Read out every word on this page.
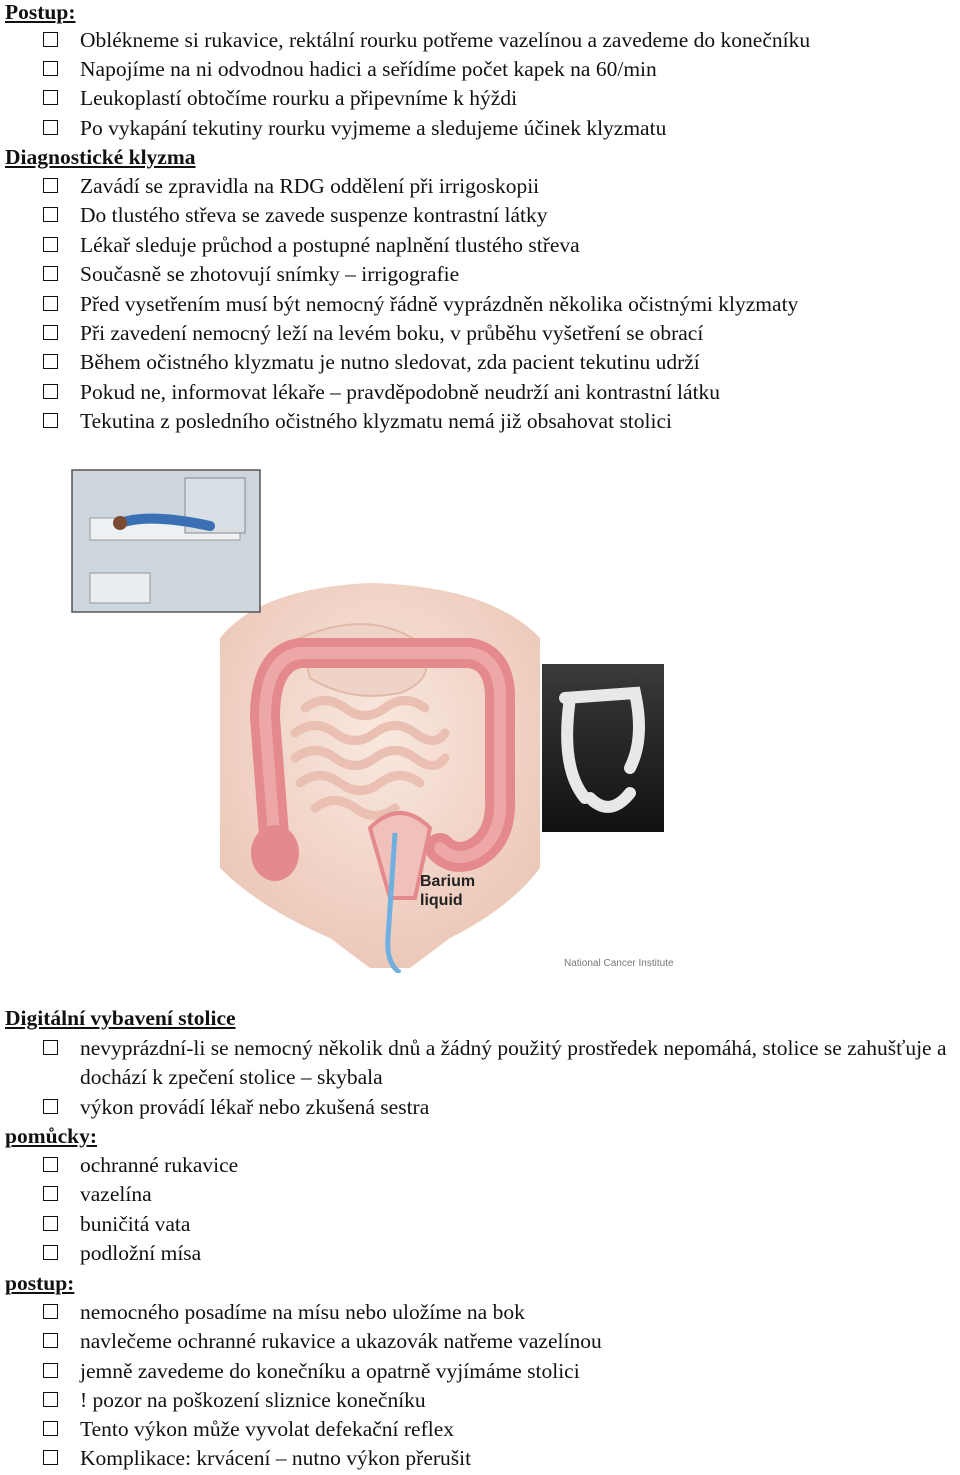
Postup:
Oblékneme si rukavice, rektální rourku potřeme vazelínou a zavedeme do konečníku
Napojíme na ni odvodnou hadici a seřídíme počet kapek na 60/min
Leukoplastí obtočíme rourku a připevníme k hýždi
Po vykapání tekutiny rourku vyjmeme a sledujeme účinek klyzmatu
Diagnostické klyzma
Zavádí se zpravidla na RDG oddělení při irrigoskopii
Do tlustého střeva se zavede suspenze kontrastní látky
Lékař sleduje průchod a postupné naplnění tlustého střeva
Současně se zhotovují snímky – irrigografie
Před vysetřením musí být nemocný řádně vyprázdněn několika očistnými klyzmaty
Při zavedení nemocný leží na levém boku, v průběhu vyšetření se obrací
Během očistného klyzmatu je nutno sledovat, zda pacient tekutinu udrží
Pokud ne, informovat lékaře – pravděpodobně neudrží ani kontrastní látku
Tekutina z posledního očistného klyzmatu nemá již obsahovat stolici
Barium
liquid
National Cancer Institute
Digitální vybavení stolice
nevyprázdní-li se nemocný několik dnů a žádný použitý prostředek nepomáhá, stolice se zahušťuje a dochází k zpečení stolice – skybala
výkon provádí lékař nebo zkušená sestra
pomůcky:
ochranné rukavice
vazelína
buničitá vata
podložní mísa
postup:
nemocného posadíme na mísu nebo uložíme na bok
navlečeme ochranné rukavice a ukazovák natřeme vazelínou
jemně zavedeme do konečníku a opatrně vyjímáme stolici
! pozor na poškození sliznice konečníku
Tento výkon může vyvolat defekační reflex
Komplikace: krvácení – nutno výkon přerušit
